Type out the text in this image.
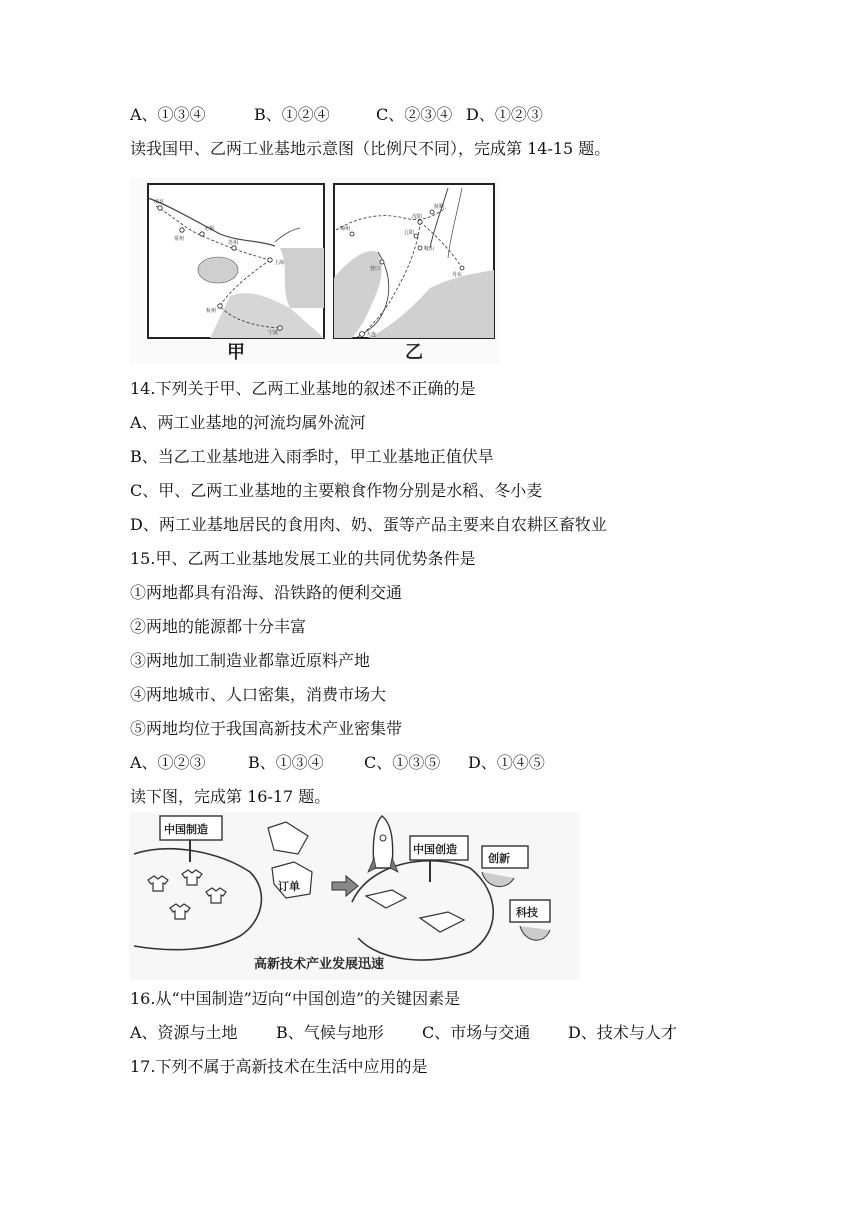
A、①③④	B、①②④	C、②③④ D、①②③
读我国甲、乙两工业基地示意图（比例尺不同），完成第 14-15 题。
南京
常州
无锡
苏州
上海
杭州
宁波
甲
抚顺
沈阳
辽阳
鞍山
锦州
营口
丹东
大连
乙
14.下列关于甲、乙两工业基地的叙述不正确的是
A、两工业基地的河流均属外流河
B、当乙工业基地进入雨季时，甲工业基地正值伏旱
C、甲、乙两工业基地的主要粮食作物分别是水稻、冬小麦
D、两工业基地居民的食用肉、奶、蛋等产品主要来自农耕区畜牧业
15.甲、乙两工业基地发展工业的共同优势条件是
①两地都具有沿海、沿铁路的便利交通
②两地的能源都十分丰富
③两地加工制造业都靠近原料产地
④两地城市、人口密集，消费市场大
⑤两地均位于我国高新技术产业密集带
A、①②③	B、①③④	C、①③⑤ D、①④⑤
读下图，完成第 16-17 题。
中国制造
订单
中国创造
创新
科技
高新技术产业发展迅速
16.从“中国制造”迈向“中国创造”的关键因素是
A、资源与土地 B、气候与地形 C、市场与交通 D、技术与人才
17.下列不属于高新技术在生活中应用的是
